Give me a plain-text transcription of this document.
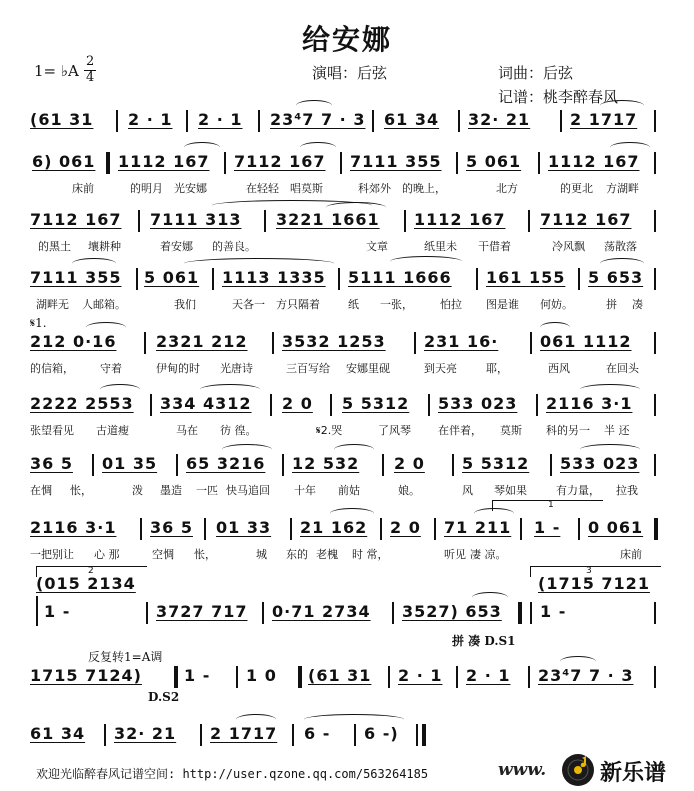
给安娜
1= ♭A
2
4	演唱：后弦	词曲：后弦
记谱：桃李醉春风
(61 31 2 · 1 2 · 1 23⁴7 7 · 3 61 34 32· 21 2 1717
6) 061 1112 167 7112 167 7111 355 5 061 1112 167
床前	的明月 光安娜	在轻轻 唱莫斯	科郊外 的晚上，	北方	的更北 方湖畔
7112 167 7111 313 3221 1661 1112 167 7112 167
的黑土 壤耕种	着安娜 的善良。	文章	纸里未 干借着	冷风飘 荡散落
7111 355 5 061 1113 1335 5111 1666 161 155 5 653
湖畔无 人邮箱。	我们	天各一 方只隔着	纸 一张， 怕拉 图是谁 何妨。	拼 凑
𝄋1.
212 0·16 2321 212 3532 1253 231 16·	061 1112
的信箱， 守着	伊甸的时 光唐诗	三百写给 安娜里砚	到天亮	耶，	西风	在回头
2222 2553 334 4312 2 0 5 5312 533 023 2116 3·1
张望看见 古道瘦	马在 彷 徨。	𝄋2.哭	了风琴 在伴着， 莫斯 科的另一 半 还
36 5 01 35 65 3216 12 532 2 0 5 5312 533 023
在惆 怅，	泼 墨造 一匹 快马追回 十年 前姑	娘。	风 琴如果	有力量， 拉我
1
2116 3·1 36 5 01 33 21 162 2 0 71 211 1 - 0 061
一把别让 心 那	空惆 怅，	城 东的 老槐 时 常，	听见 凄 凉。	床前
2	3
(015 2134	(1715 7121
1 -	3727 717 0·71 2734 3527) 653 1 -
拼 凑 D.S1
反复转1=A调
1715 7124)	1 - 1 0 (61 31 2 · 1 2 · 1 23⁴7 7 · 3
D.S2
61 34 32· 21 2 1717 6 - 6 -)
欢迎光临醉春风记谱空间: http://user.qzone.qq.com/563264185	www. 新乐谱
